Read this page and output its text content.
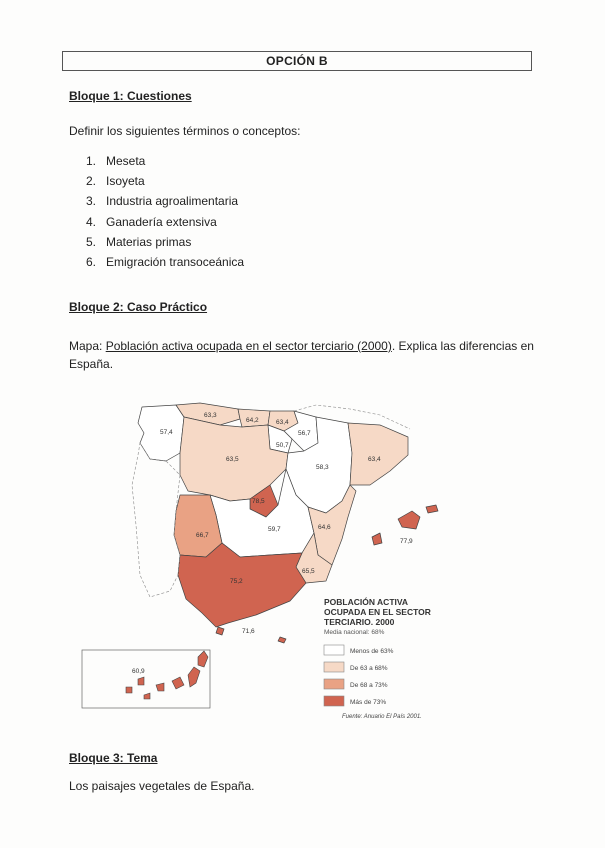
OPCIÓN B
Bloque 1: Cuestiones
Definir los siguientes términos o conceptos:
1. Meseta
2. Isoyeta
3. Industria agroalimentaria
4. Ganadería extensiva
5. Materias primas
6. Emigración transoceánica
Bloque 2: Caso Práctico
Mapa: Población activa ocupada en el sector terciario (2000). Explica las diferencias en España.
57,4
63,3
64,2	63,4
56,7
50,7
63,5
58,3
63,4
78,5
59,7
66,7
64,6
65,5
75,2
77,9
71,6
60,9
POBLACIÓN ACTIVA
OCUPADA EN EL SECTOR
TERCIARIO. 2000
Media nacional: 68%
Menos de 63%
De 63 a 68%
De 68 a 73%
Más de 73%
Fuente: Anuario El País 2001.
Bloque 3: Tema
Los paisajes vegetales de España.
